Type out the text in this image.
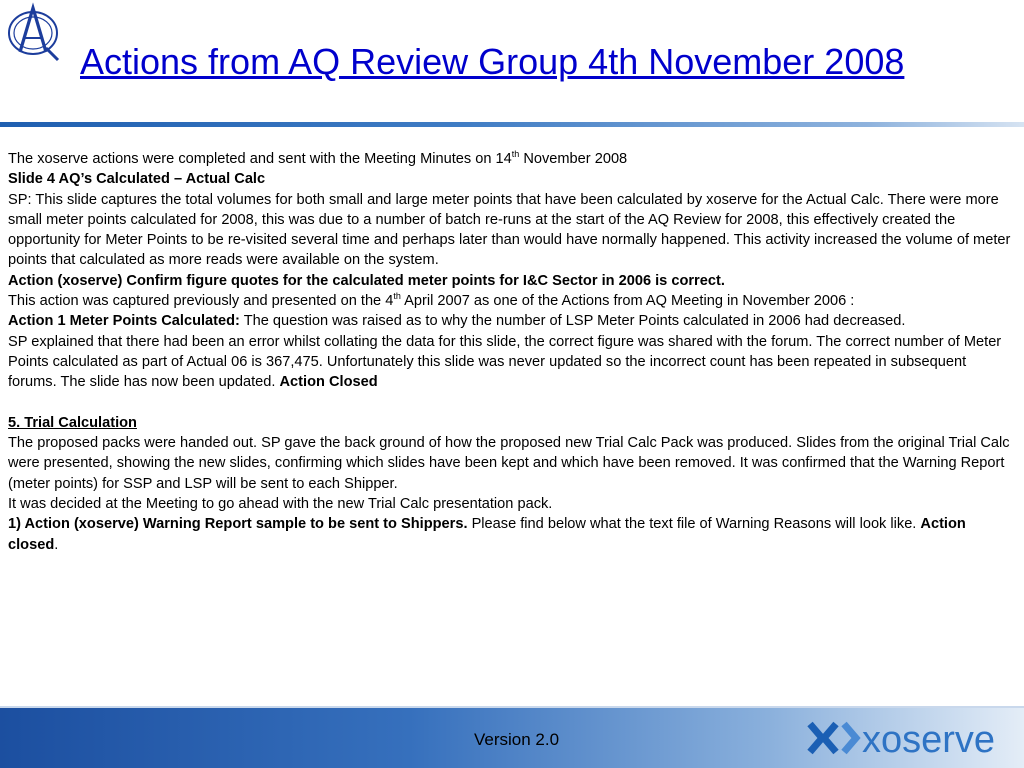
Actions from AQ Review Group 4th November 2008

The xoserve actions were completed and sent with the Meeting Minutes on 14th November 2008

Slide 4 AQ’s Calculated – Actual Calc

SP: This slide captures the total volumes for both small and large meter points that have been calculated by xoserve for the Actual Calc. There were more small meter points calculated for 2008, this was due to a number of batch re-runs at the start of the AQ Review for 2008, this effectively created the opportunity for Meter Points to be re-visited several time and perhaps later than would have normally happened. This activity increased the volume of meter points that calculated as more reads were available on the system.

Action (xoserve) Confirm figure quotes for the calculated meter points for I&C Sector in 2006 is correct.

This action was captured previously and presented on the 4th April 2007 as one of the Actions from AQ Meeting in November 2006 :

Action 1 Meter Points Calculated: The question was raised as to why the number of LSP Meter Points calculated in 2006 had decreased.

SP explained that there had been an error whilst collating the data for this slide, the correct figure was shared with the forum. The correct number of Meter Points calculated as part of Actual 06 is 367,475. Unfortunately this slide was never updated so the incorrect count has been repeated in subsequent forums. The slide has now been updated. Action Closed

5. Trial Calculation

The proposed packs were handed out. SP gave the back ground of how the proposed new Trial Calc Pack was produced. Slides from the original Trial Calc were presented, showing the new slides, confirming which slides have been kept and which have been removed. It was confirmed that the Warning Report (meter points) for SSP and LSP will be sent to each Shipper.

It was decided at the Meeting to go ahead with the new Trial Calc presentation pack.

1) Action (xoserve) Warning Report sample to be sent to Shippers. Please find below what the text file of Warning Reasons will look like. Action closed.

Version 2.0	xoserve
